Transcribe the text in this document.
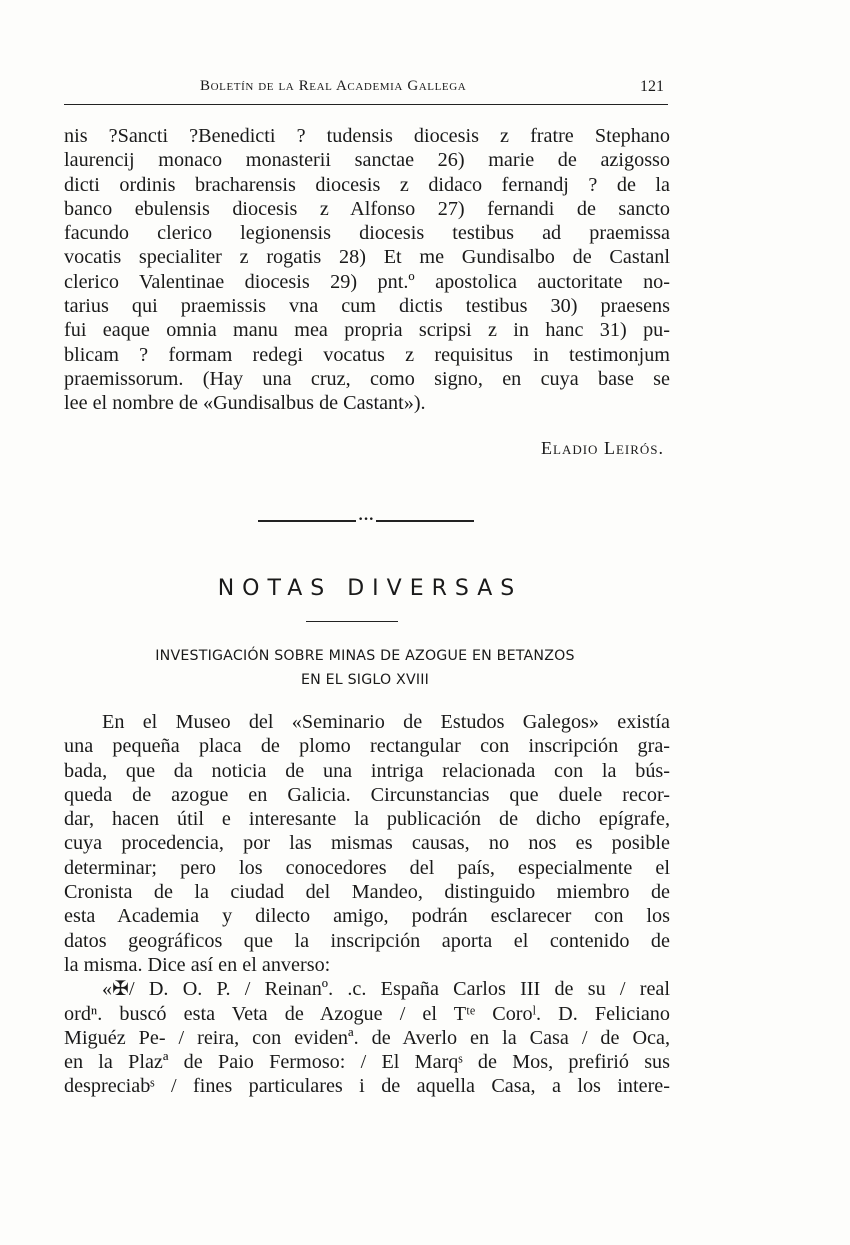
Boletín de la Real Academia Gallega	121
nis ?Sancti ?Benedicti ? tudensis diocesis z fratre Stephano
laurencij monaco monasterii sanctae 26) marie de azigosso
dicti ordinis bracharensis diocesis z didaco fernandj ? de la
banco ebulensis diocesis z Alfonso 27) fernandi de sancto
facundo clerico legionensis diocesis testibus ad praemissa
vocatis specialiter z rogatis 28) Et me Gundisalbo de Castanl
clerico Valentinae diocesis 29) pnt.º apostolica auctoritate no-
tarius qui praemissis vna cum dictis testibus 30) praesens
fui eaque omnia manu mea propria scripsi z in hanc 31) pu-
blicam ? formam redegi vocatus z requisitus in testimonjum
praemissorum. (Hay una cruz, como signo, en cuya base se
lee el nombre de «Gundisalbus de Castant»).
Eladio Leirós.
•••
NOTAS DIVERSAS
INVESTIGACIÓN SOBRE MINAS DE AZOGUE EN BETANZOS
EN EL SIGLO XVIII
En el Museo del «Seminario de Estudos Galegos» existía
una pequeña placa de plomo rectangular con inscripción gra-
bada, que da noticia de una intriga relacionada con la bús-
queda de azogue en Galicia. Circunstancias que duele recor-
dar, hacen útil e interesante la publicación de dicho epígrafe,
cuya procedencia, por las mismas causas, no nos es posible
determinar; pero los conocedores del país, especialmente el
Cronista de la ciudad del Mandeo, distinguido miembro de
esta Academia y dilecto amigo, podrán esclarecer con los
datos geográficos que la inscripción aporta el contenido de
la misma. Dice así en el anverso:
«✠/ D. O. P. / Reinanº. .c. España Carlos III de su / real
ordⁿ. buscó esta Veta de Azogue / el Tᵗᵉ Coroˡ. D. Feliciano
Miguéz Pe- / reira, con evidenª. de Averlo en la Casa / de Oca,
en la Plazª de Paio Fermoso: / El Marqˢ de Mos, prefirió sus
despreciabˢ / fines particulares i de aquella Casa, a los intere-
